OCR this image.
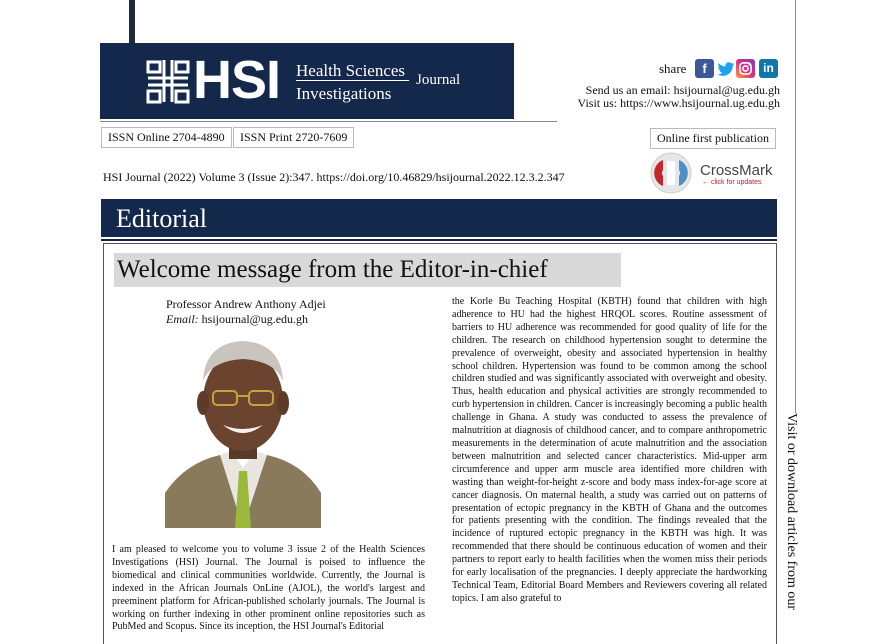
HSI Health Sciences
Investigations
Journal
share	f	in
Send us an email: hsijournal@ug.edu.gh
Visit us: https://www.hsijournal.ug.edu.gh
ISSN Online 2704-4890	ISSN Print 2720-7609	Online first publication
HSI Journal (2022) Volume 3 (Issue 2):347. https://doi.org/10.46829/hsijournal.2022.12.3.2.347	CrossMark
← click for updates
Editorial
Welcome message from the Editor-in-chief
Professor Andrew Anthony Adjei
Email: hsijournal@ug.edu.gh
I am pleased to welcome you to volume 3 issue 2 of the Health Sciences Investigations (HSI) Journal. The Journal is poised to influence the biomedical and clinical communities worldwide. Currently, the Journal is indexed in the African Journals OnLine (AJOL), the world's largest and preeminent platform for African-published scholarly journals. The Journal is working on further indexing in other prominent online repositories such as PubMed and Scopus. Since its inception, the HSI Journal's Editorial
the Korle Bu Teaching Hospital (KBTH) found that children with high adherence to HU had the highest HRQOL scores. Routine assessment of barriers to HU adherence was recommended for good quality of life for the children. The research on childhood hypertension sought to determine the prevalence of overweight, obesity and associated hypertension in healthy school children. Hypertension was found to be common among the school children studied and was significantly associated with overweight and obesity. Thus, health education and physical activities are strongly recommended to curb hypertension in children. Cancer is increasingly becoming a public health challenge in Ghana. A study was conducted to assess the prevalence of malnutrition at diagnosis of childhood cancer, and to compare anthropometric measurements in the determination of acute malnutrition and the association between malnutrition and selected cancer characteristics. Mid-upper arm circumference and upper arm muscle area identified more children with wasting than weight-for-height z-score and body mass index-for-age score at cancer diagnosis. On maternal health, a study was carried out on patterns of presentation of ectopic pregnancy in the KBTH of Ghana and the outcomes for patients presenting with the condition. The findings revealed that the incidence of ruptured ectopic pregnancy in the KBTH was high. It was recommended that there should be continuous education of women and their partners to report early to health facilities when the women miss their periods for early localisation of the pregnancies. I deeply appreciate the hardworking Technical Team, Editorial Board Members and Reviewers covering all related topics. I am also grateful to	Visit or download articles from our
